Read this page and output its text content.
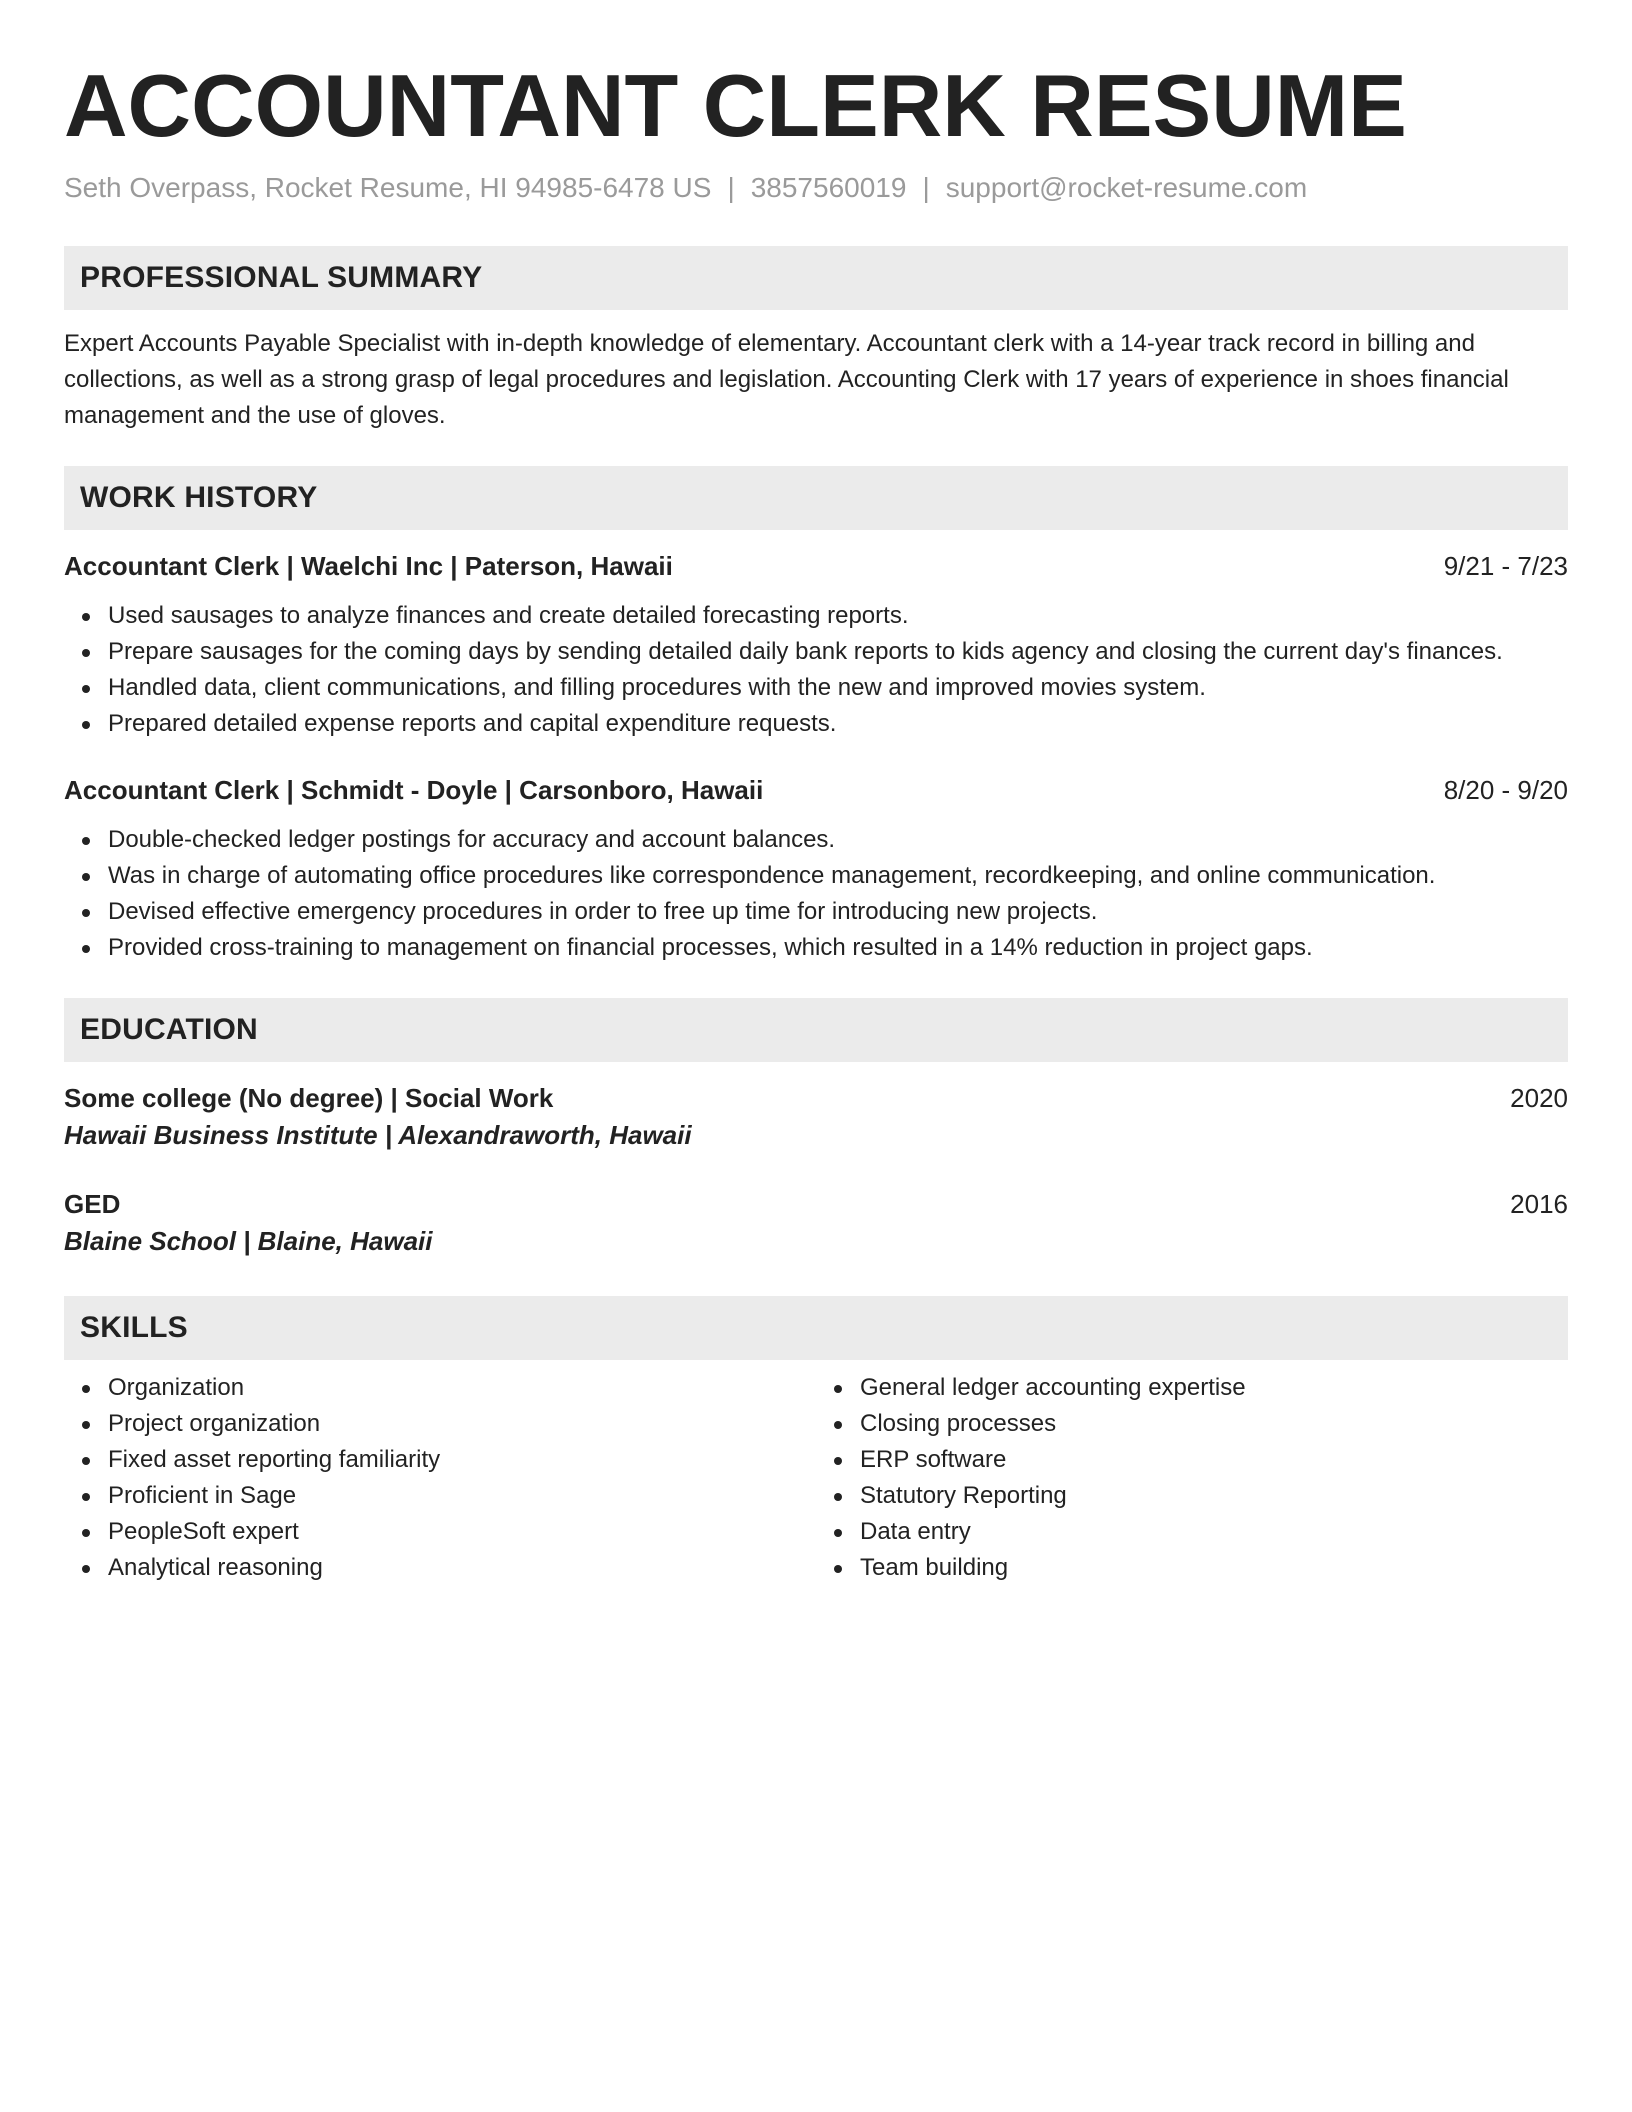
ACCOUNTANT CLERK RESUME
Seth Overpass, Rocket Resume, HI 94985-6478 US | 3857560019 | support@rocket-resume.com
PROFESSIONAL SUMMARY

Expert Accounts Payable Specialist with in-depth knowledge of elementary. Accountant clerk with a 14-year track record in billing and collections, as well as a strong grasp of legal procedures and legislation. Accounting Clerk with 17 years of experience in shoes financial management and the use of gloves.

WORK HISTORY
Accountant Clerk | Waelchi Inc | Paterson, Hawaii	9/21 - 7/23
Used sausages to analyze finances and create detailed forecasting reports.
Prepare sausages for the coming days by sending detailed daily bank reports to kids agency and closing the current day's finances.
Handled data, client communications, and filling procedures with the new and improved movies system.
Prepared detailed expense reports and capital expenditure requests.
Accountant Clerk | Schmidt - Doyle | Carsonboro, Hawaii	8/20 - 9/20
Double-checked ledger postings for accuracy and account balances.
Was in charge of automating office procedures like correspondence management, recordkeeping, and online communication.
Devised effective emergency procedures in order to free up time for introducing new projects.
Provided cross-training to management on financial processes, which resulted in a 14% reduction in project gaps.
EDUCATION
Some college (No degree) | Social Work	2020
Hawaii Business Institute | Alexandraworth, Hawaii
GED	2016
Blaine School | Blaine, Hawaii
SKILLS
Organization
Project organization
Fixed asset reporting familiarity
Proficient in Sage
PeopleSoft expert
Analytical reasoning
General ledger accounting expertise
Closing processes
ERP software
Statutory Reporting
Data entry
Team building
